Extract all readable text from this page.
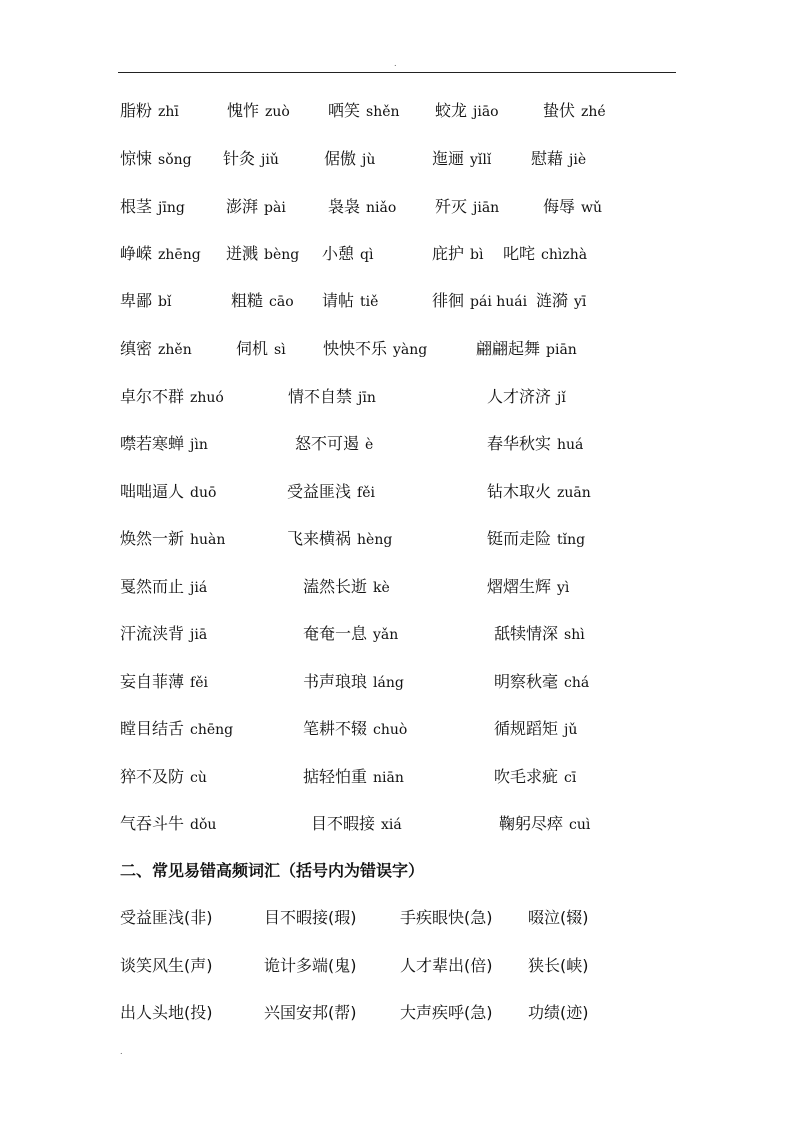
.
脂粉 zhī	愧怍 zuò 哂笑 shěn 蛟龙 jiāo	蛰伏 zhé
惊悚 sǒng 针灸 jiǔ	倨傲 jù	迤逦 yǐlǐ 慰藉 jiè
根茎 jīng	澎湃 pài	袅袅 niǎo 歼灭 jiān	侮辱 wǔ
峥嵘 zhēng 迸溅 bèng 小憩 qì	庇护 bì 叱咤 chìzhà
卑鄙 bǐ	粗糙 cāo 请帖 tiě	徘徊 pái huái 涟漪 yī
缜密 zhěn	伺机 sì 怏怏不乐 yàng	翩翩起舞 piān
卓尔不群 zhuó	情不自禁 jīn	人才济济 jǐ
噤若寒蝉 jìn	怒不可遏 è	春华秋实 huá
咄咄逼人 duō	受益匪浅 fěi	钻木取火 zuān
焕然一新 huàn	飞来横祸 hèng	铤而走险 tǐng
戛然而止 jiá	溘然长逝 kè	熠熠生辉 yì
汗流浃背 jiā	奄奄一息 yǎn	舐犊情深 shì
妄自菲薄 fěi	书声琅琅 láng	明察秋毫 chá
瞠目结舌 chēng	笔耕不辍 chuò	循规蹈矩 jǔ
猝不及防 cù	掂轻怕重 niān	吹毛求疵 cī
气吞斗牛 dǒu	目不暇接 xiá	鞠躬尽瘁 cuì
二、常见易错高频词汇（括号内为错误字）
受益匪浅(非)	目不暇接(瑕)	手疾眼快(急) 啜泣(辍)
谈笑风生(声)	诡计多端(鬼)	人才辈出(倍) 狭长(峡)
出人头地(投)	兴国安邦(帮)	大声疾呼(急) 功绩(迹)
.
